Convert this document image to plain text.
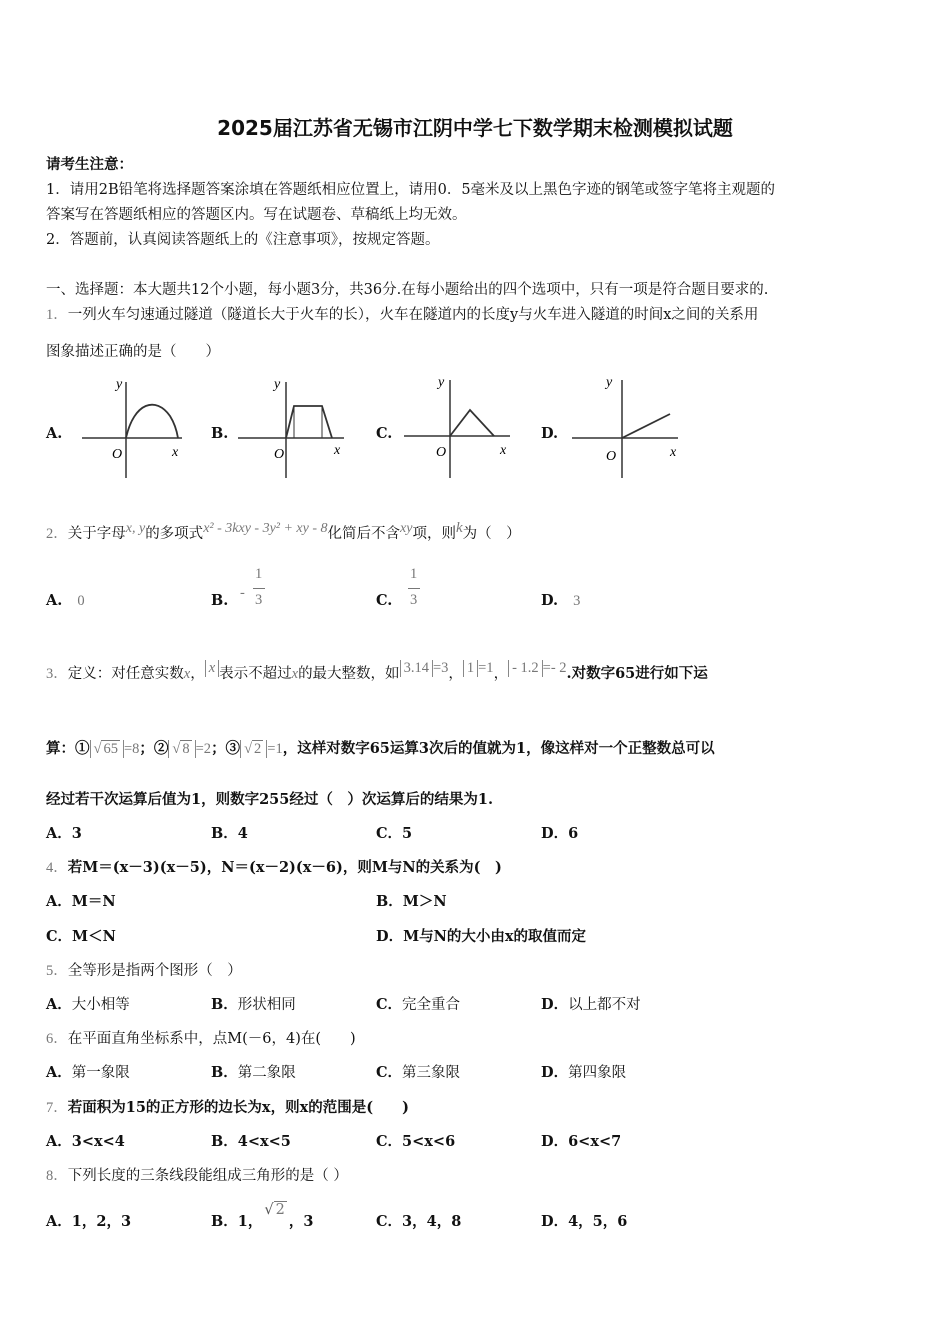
2025届江苏省无锡市江阴中学七下数学期末检测模拟试题
请考生注意：
1．请用2B铅笔将选择题答案涂填在答题纸相应位置上，请用0．5毫米及以上黑色字迹的钢笔或签字笔将主观题的
答案写在答题纸相应的答题区内。写在试题卷、草稿纸上均无效。
2．答题前，认真阅读答题纸上的《注意事项》，按规定答题。
一、选择题：本大题共12个小题，每小题3分，共36分.在每小题给出的四个选项中，只有一项是符合题目要求的.
1．一列火车匀速通过隧道（隧道长大于火车的长），火车在隧道内的长度y与火车进入隧道的时间x之间的关系用
图象描述正确的是（　　）
A.	B.	C.	D.
y
x
O
y
x
O
y
x
O
y
x
O
2．关于字母$^{x, y}$的多项式$^{x^2 - 3kxy - 3y^2 + xy - 8}$化简后不含$^{xy}$项，则$^k$为（　）
A. 0	B. -
1
3	C.
1
3	D. 3
3．定义：对任意实数x， x 表示不超过x的最大整数，如 3.14 =3， 1 =1， - 1.2 =- 2.对数字65进行如下运
算：① √ 65 =8；② √ 8 =2；③ √ 2 =1，这样对数字65运算3次后的值就为1，像这样对一个正整数总可以
经过若干次运算后值为1，则数字255经过（　）次运算后的结果为1.
A．3	B．4	C．5	D．6
4．若M＝(x－3)(x－5)，N＝(x－2)(x－6)，则M与N的关系为(　)
A．M＝N	B．M＞N
C．M＜N	D．M与N的大小由x的取值而定
5．全等形是指两个图形（　）
A．大小相等	B．形状相同	C．完全重合	D．以上都不对
6．在平面直角坐标系中，点M(－6，4)在(　　)
A．第一象限	B．第二象限	C．第三象限	D．第四象限
7．若面积为15的正方形的边长为x，则x的范围是(　　)
A．3<x<4	B．4<x<5	C．5<x<6	D．6<x<7
8．下列长度的三条线段能组成三角形的是（ ）
A．1，2，3	B．1，√ 2，3	C．3，4，8	D．4，5，6
